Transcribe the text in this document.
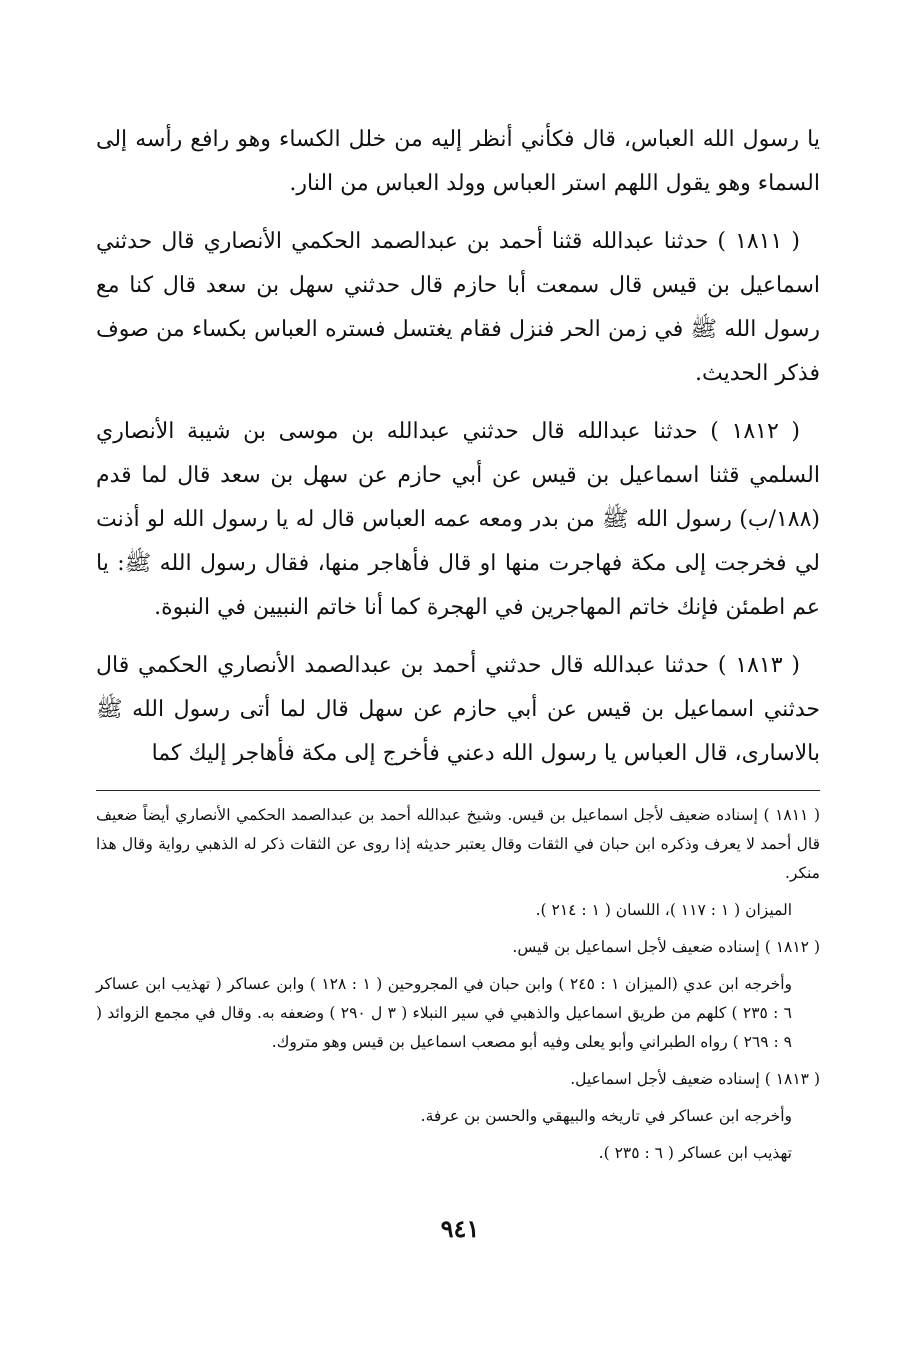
يا رسول الله العباس، قال فكأني أنظر إليه من خلل الكساء وهو رافع رأسه إلى السماء وهو يقول اللهم استر العباس وولد العباس من النار.

( ١٨١١ ) حدثنا عبدالله قثنا أحمد بن عبدالصمد الحكمي الأنصاري قال حدثني اسماعيل بن قيس قال سمعت أبا حازم قال حدثني سهل بن سعد قال كنا مع رسول الله ﷺ في زمن الحر فنزل فقام يغتسل فستره العباس بكساء من صوف فذكر الحديث.

( ١٨١٢ ) حدثنا عبدالله قال حدثني عبدالله بن موسى بن شيبة الأنصاري السلمي قثنا اسماعيل بن قيس عن أبي حازم عن سهل بن سعد قال لما قدم (١٨٨/ب) رسول الله ﷺ من بدر ومعه عمه العباس قال له يا رسول الله لو أذنت لي فخرجت إلى مكة فهاجرت منها او قال فأهاجر منها، فقال رسول الله ﷺ: يا عم اطمئن فإنك خاتم المهاجرين في الهجرة كما أنا خاتم النبيين في النبوة.

( ١٨١٣ ) حدثنا عبدالله قال حدثني أحمد بن عبدالصمد الأنصاري الحكمي قال حدثني اسماعيل بن قيس عن أبي حازم عن سهل قال لما أتى رسول الله ﷺ بالاسارى، قال العباس يا رسول الله دعني فأخرج إلى مكة فأهاجر إليك كما

( ١٨١١ ) إسناده ضعيف لأجل اسماعيل بن قيس. وشيخ عبدالله أحمد بن عبدالصمد الحكمي الأنصاري أيضاً ضعيف قال أحمد لا يعرف وذكره ابن حبان في الثقات وقال يعتبر حديثه إذا روى عن الثقات ذكر له الذهبي رواية وقال هذا منكر.

الميزان ( ١ : ١١٧ )، اللسان ( ١ : ٢١٤ ).

( ١٨١٢ ) إسناده ضعيف لأجل اسماعيل بن قيس.

وأخرجه ابن عدي (الميزان ١ : ٢٤٥ ) وابن حبان في المجروحين ( ١ : ١٢٨ ) وابن عساكر ( تهذيب ابن عساكر ٦ : ٢٣٥ ) كلهم من طريق اسماعيل والذهبي في سير النبلاء ( ٣ ل ٢٩٠ ) وضعفه به. وقال في مجمع الزوائد ( ٩ : ٢٦٩ ) رواه الطبراني وأبو يعلى وفيه أبو مصعب اسماعيل بن قيس وهو متروك.

( ١٨١٣ ) إسناده ضعيف لأجل اسماعيل.

وأخرجه ابن عساكر في تاريخه والبيهقي والحسن بن عرفة.

تهذيب ابن عساكر ( ٦ : ٢٣٥ ).

٩٤١
